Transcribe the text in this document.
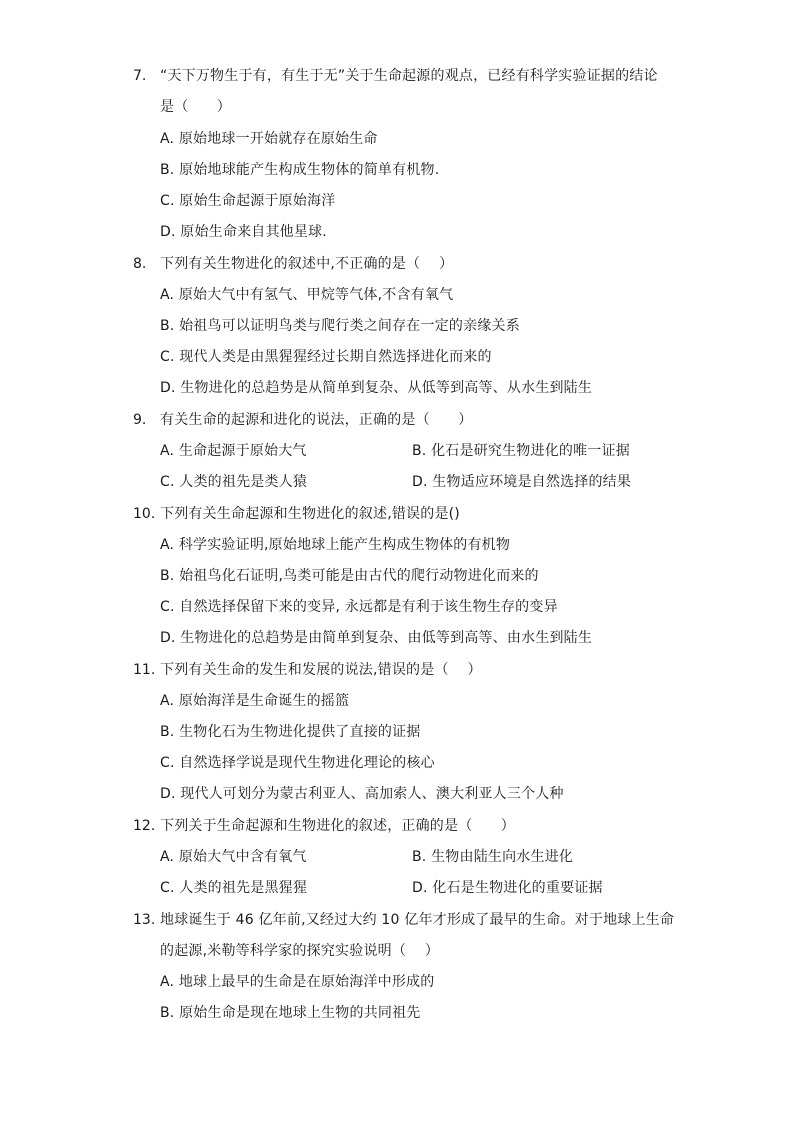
7. “天下万物生于有，有生于无”关于生命起源的观点，已经有科学实验证据的结论
是（　　）
A. 原始地球一开始就存在原始生命
B. 原始地球能产生构成生物体的简单有机物.
C. 原始生命起源于原始海洋
D. 原始生命来自其他星球.
8. 下列有关生物进化的叙述中,不正确的是（　 ）
A. 原始大气中有氢气、甲烷等气体,不含有氧气
B. 始祖鸟可以证明鸟类与爬行类之间存在一定的亲缘关系
C. 现代人类是由黑猩猩经过长期自然选择进化而来的
D. 生物进化的总趋势是从简单到复杂、从低等到高等、从水生到陆生
9. 有关生命的起源和进化的说法，正确的是（　　）
A. 生命起源于原始大气	B. 化石是研究生物进化的唯一证据
C. 人类的祖先是类人猿	D. 生物适应环境是自然选择的结果
10. 下列有关生命起源和生物进化的叙述,错误的是()
A. 科学实验证明,原始地球上能产生构成生物体的有机物
B. 始祖鸟化石证明,鸟类可能是由古代的爬行动物进化而来的
C. 自然选择保留下来的变异, 永远都是有利于该生物生存的变异
D. 生物进化的总趋势是由简单到复杂、由低等到高等、由水生到陆生
11. 下列有关生命的发生和发展的说法,错误的是（　 ）
A. 原始海洋是生命诞生的摇篮
B. 生物化石为生物进化提供了直接的证据
C. 自然选择学说是现代生物进化理论的核心
D. 现代人可划分为蒙古利亚人、高加索人、澳大利亚人三个人种
12. 下列关于生命起源和生物进化的叙述，正确的是（　　）
A. 原始大气中含有氧气	B. 生物由陆生向水生进化
C. 人类的祖先是黑猩猩	D. 化石是生物进化的重要证据
13. 地球诞生于 46 亿年前,又经过大约 10 亿年才形成了最早的生命。对于地球上生命
的起源,米勒等科学家的探究实验说明（　 ）
A. 地球上最早的生命是在原始海洋中形成的
B. 原始生命是现在地球上生物的共同祖先
